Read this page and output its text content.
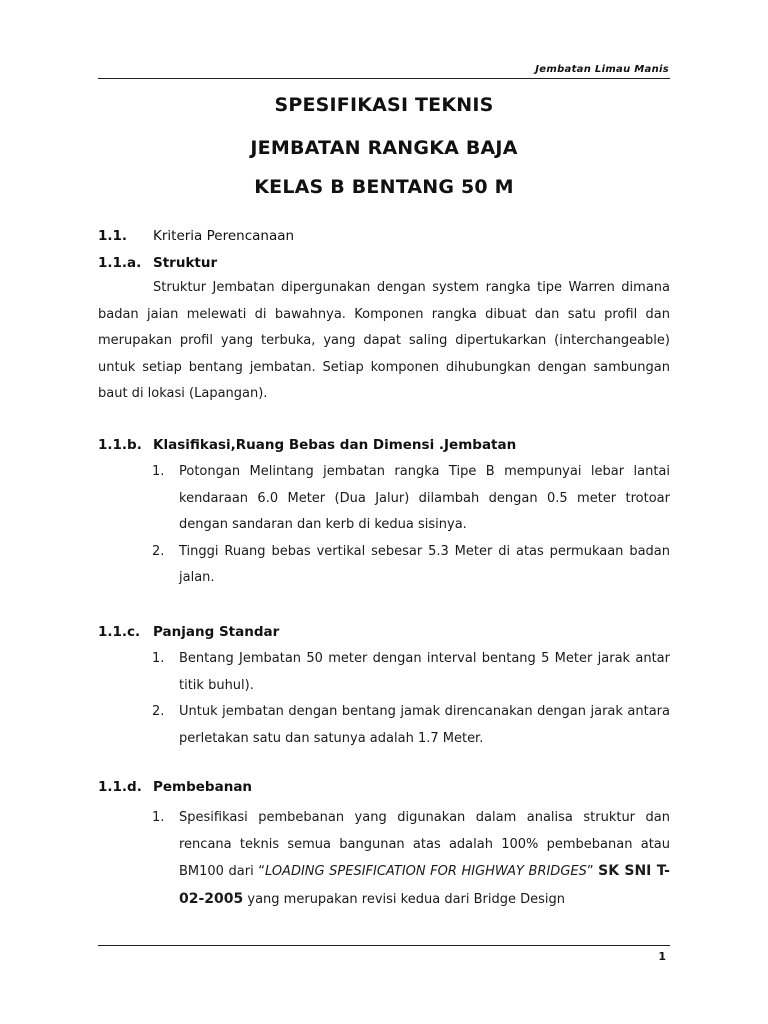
Jembatan Limau Manis
SPESIFIKASI TEKNIS
JEMBATAN RANGKA BAJA
KELAS B BENTANG 50 M
1.1. Kriteria Perencanaan
1.1.a. Struktur
Struktur Jembatan dipergunakan dengan system rangka tipe Warren dimana badan jaian melewati di bawahnya. Komponen rangka dibuat dan satu profil dan merupakan profil yang terbuka, yang dapat saling dipertukarkan (interchangeable) untuk setiap bentang jembatan. Setiap komponen dihubungkan dengan sambungan baut di lokasi (Lapangan).
1.1.b. Klasifikasi,Ruang Bebas dan Dimensi .Jembatan
1. Potongan Melintang jembatan rangka Tipe B mempunyai lebar lantai kendaraan 6.0 Meter (Dua Jalur) dilambah dengan 0.5 meter trotoar dengan sandaran dan kerb di kedua sisinya.
2. Tinggi Ruang bebas vertikal sebesar 5.3 Meter di atas permukaan badan jalan.
1.1.c. Panjang Standar
1. Bentang Jembatan 50 meter dengan interval bentang 5 Meter jarak antar titik buhul).
2. Untuk jembatan dengan bentang jamak direncanakan dengan jarak antara perletakan satu dan satunya adalah 1.7 Meter.
1.1.d. Pembebanan
1. Spesifikasi pembebanan yang digunakan dalam analisa struktur dan rencana teknis semua bangunan atas adalah 100% pembebanan atau BM100 dari “LOADING SPESIFICATION FOR HIGHWAY BRIDGES” SK SNI T-02-2005 yang merupakan revisi kedua dari Bridge Design
1
